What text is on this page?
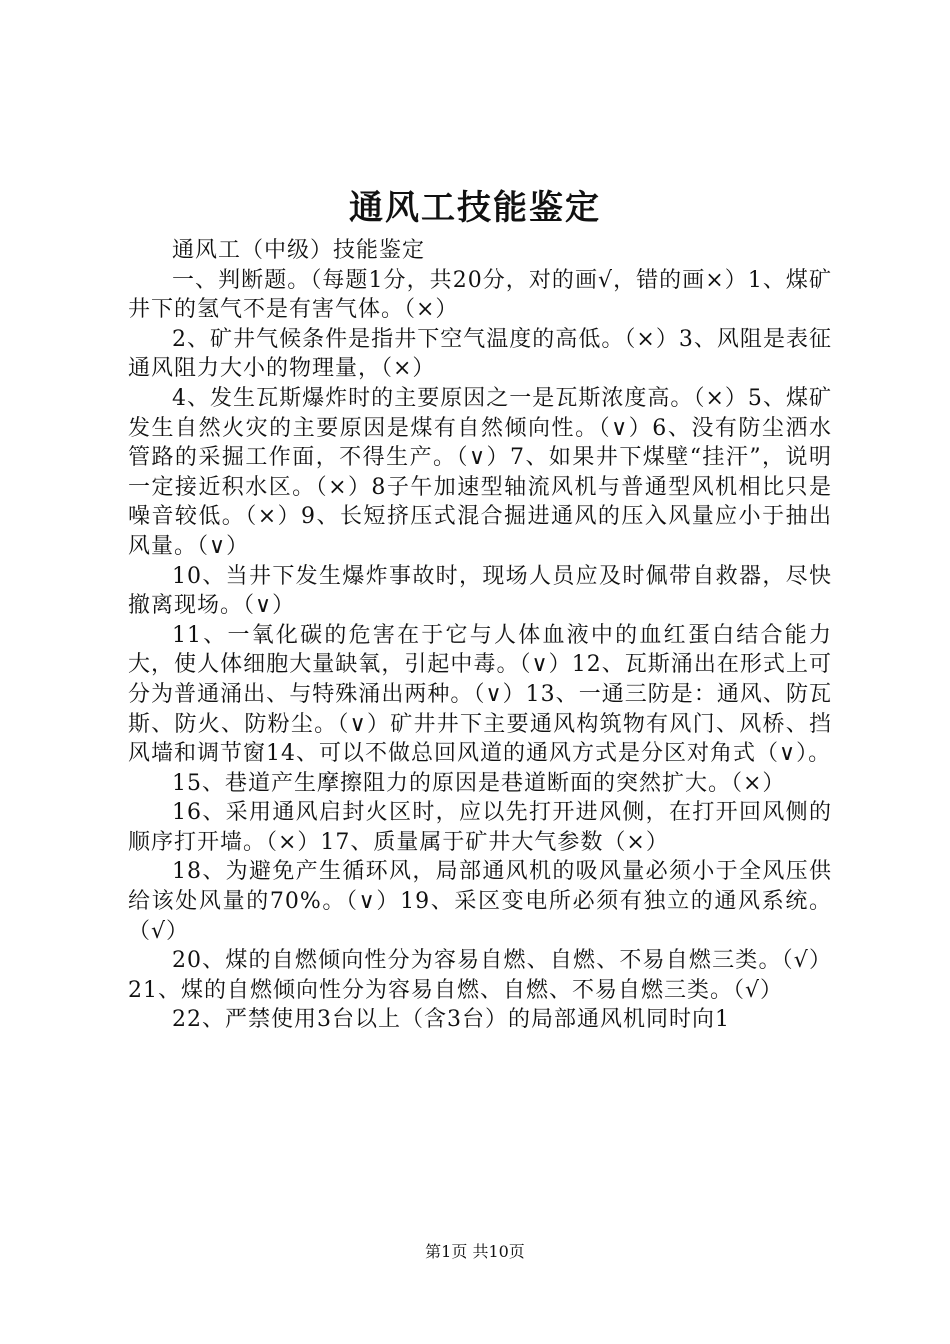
通风工技能鉴定

通风工（中级）技能鉴定

一、判断题。（每题1分，共20分，对的画√，错的画×）1、煤矿井下的氢气不是有害气体。（×）

2、矿井气候条件是指井下空气温度的高低。（×）3、风阻是表征通风阻力大小的物理量，（×）

4、发生瓦斯爆炸时的主要原因之一是瓦斯浓度高。（×）5、煤矿发生自然火灾的主要原因是煤有自然倾向性。（∨）6、没有防尘洒水管路的采掘工作面，不得生产。（∨）7、如果井下煤壁“挂汗”，说明一定接近积水区。（×）8子午加速型轴流风机与普通型风机相比只是噪音较低。（×）9、长短挤压式混合掘进通风的压入风量应小于抽出风量。（∨）

10、当井下发生爆炸事故时，现场人员应及时佩带自救器，尽快撤离现场。（∨）

11、一氧化碳的危害在于它与人体血液中的血红蛋白结合能力大，使人体细胞大量缺氧，引起中毒。（∨）12、瓦斯涌出在形式上可分为普通涌出、与特殊涌出两种。（∨）13、一通三防是：通风、防瓦斯、防火、防粉尘。（∨）矿井井下主要通风构筑物有风门、风桥、挡风墙和调节窗14、可以不做总回风道的通风方式是分区对角式（∨）。

15、巷道产生摩擦阻力的原因是巷道断面的突然扩大。（×）

16、采用通风启封火区时，应以先打开进风侧，在打开回风侧的顺序打开墙。（×）17、质量属于矿井大气参数（×）

18、为避免产生循环风，局部通风机的吸风量必须小于全风压供给该处风量的70%。（∨）19、采区变电所必须有独立的通风系统。（√）

20、煤的自燃倾向性分为容易自燃、自燃、不易自燃三类。（√）21、煤的自燃倾向性分为容易自燃、自燃、不易自燃三类。（√）

22、严禁使用3台以上（含3台）的局部通风机同时向1

第1页 共10页
